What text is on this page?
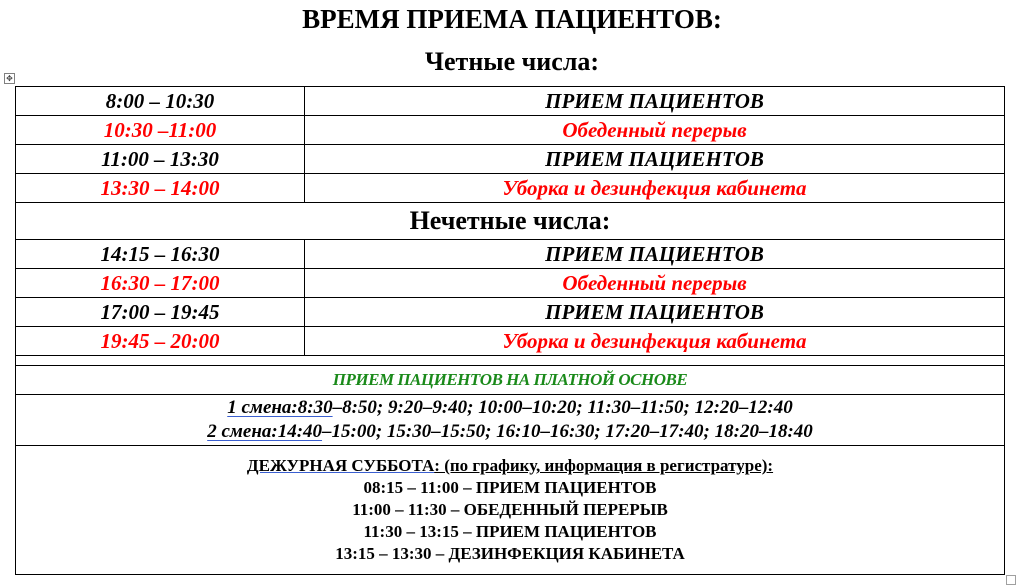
ВРЕМЯ ПРИЕМА ПАЦИЕНТОВ:
Четные числа:
✥
8:00 – 10:30	ПРИЕМ ПАЦИЕНТОВ
10:30 –11:00	Обеденный перерыв
11:00 – 13:30	ПРИЕМ ПАЦИЕНТОВ
13:30 – 14:00	Уборка и дезинфекция кабинета
Нечетные числа:	
14:15 – 16:30	ПРИЕМ ПАЦИЕНТОВ
16:30 – 17:00	Обеденный перерыв
17:00 – 19:45	ПРИЕМ ПАЦИЕНТОВ
19:45 – 20:00	Уборка и дезинфекция кабинета

ПРИЕМ ПАЦИЕНТОВ НА ПЛАТНОЙ ОСНОВЕ	

1 смена:8:30–8:50; 9:20–9:40; 10:00–10:20; 11:30–11:50; 12:20–12:40
2 смена:14:40–15:00; 15:30–15:50; 16:10–16:30; 17:20–17:40; 18:20–18:40	

ДЕЖУРНАЯ СУББОТА: (по графику, информация в регистратуре):
08:15 – 11:00 – ПРИЕМ ПАЦИЕНТОВ
11:00 – 11:30 – ОБЕДЕННЫЙ ПЕРЕРЫВ
11:30 – 13:15 – ПРИЕМ ПАЦИЕНТОВ
13:15 – 13:30 – ДЕЗИНФЕКЦИЯ КАБИНЕТА	
